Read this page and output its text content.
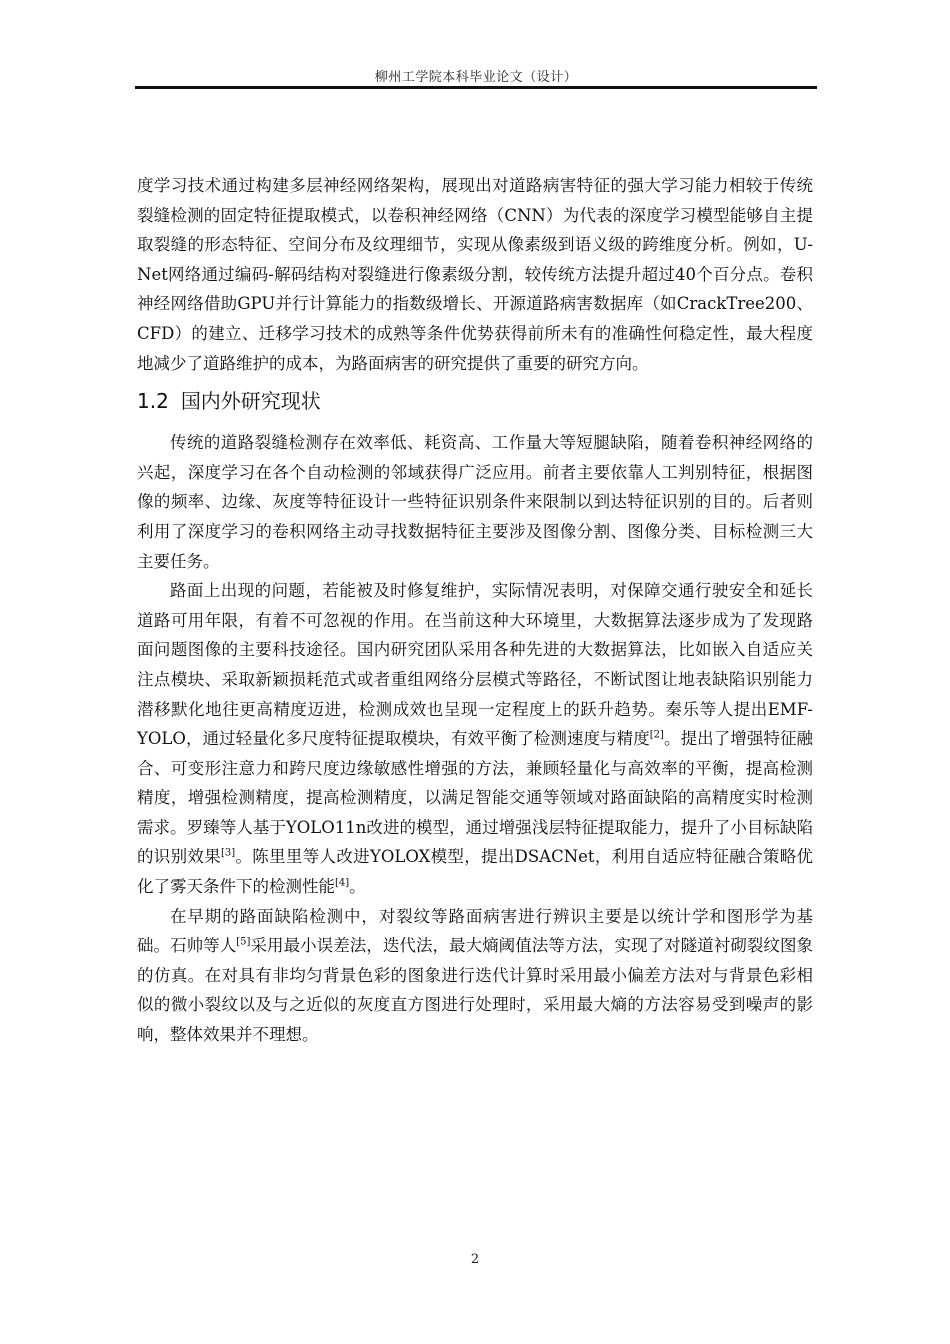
柳州工学院本科毕业论文（设计）

度学习技术通过构建多层神经网络架构，展现出对道路病害特征的强大学习能力相较于传统裂缝检测的固定特征提取模式，以卷积神经网络（CNN）为代表的深度学习模型能够自主提取裂缝的形态特征、空间分布及纹理细节，实现从像素级到语义级的跨维度分析。例如，U-Net网络通过编码-解码结构对裂缝进行像素级分割，较传统方法提升超过40个百分点。卷积神经网络借助GPU并行计算能力的指数级增长、开源道路病害数据库（如CrackTree200、CFD）的建立、迁移学习技术的成熟等条件优势获得前所未有的准确性何稳定性，最大程度地减少了道路维护的成本，为路面病害的研究提供了重要的研究方向。

1.2 国内外研究现状

传统的道路裂缝检测存在效率低、耗资高、工作量大等短腿缺陷，随着卷积神经网络的兴起，深度学习在各个自动检测的邻域获得广泛应用。前者主要依靠人工判别特征，根据图像的频率、边缘、灰度等特征设计一些特征识别条件来限制以到达特征识别的目的。后者则利用了深度学习的卷积网络主动寻找数据特征主要涉及图像分割、图像分类、目标检测三大主要任务。

路面上出现的问题，若能被及时修复维护，实际情况表明，对保障交通行驶安全和延长道路可用年限，有着不可忽视的作用。在当前这种大环境里，大数据算法逐步成为了发现路面问题图像的主要科技途径。国内研究团队采用各种先进的大数据算法，比如嵌入自适应关注点模块、采取新颖损耗范式或者重组网络分层模式等路径，不断试图让地表缺陷识别能力潜移默化地往更高精度迈进，检测成效也呈现一定程度上的跃升趋势。秦乐等人提出EMF-YOLO，通过轻量化多尺度特征提取模块，有效平衡了检测速度与精度[2]。提出了增强特征融合、可变形注意力和跨尺度边缘敏感性增强的方法，兼顾轻量化与高效率的平衡，提高检测精度，增强检测精度，提高检测精度，以满足智能交通等领域对路面缺陷的高精度实时检测需求。罗臻等人基于YOLO11n改进的模型，通过增强浅层特征提取能力，提升了小目标缺陷的识别效果[3]。陈里里等人改进YOLOX模型，提出DSACNet，利用自适应特征融合策略优化了雾天条件下的检测性能[4]。

在早期的路面缺陷检测中，对裂纹等路面病害进行辨识主要是以统计学和图形学为基础。石帅等人[5]采用最小误差法，迭代法，最大熵阈值法等方法，实现了对隧道衬砌裂纹图象的仿真。在对具有非均匀背景色彩的图象进行迭代计算时采用最小偏差方法对与背景色彩相似的微小裂纹以及与之近似的灰度直方图进行处理时，采用最大熵的方法容易受到噪声的影响，整体效果并不理想。

2
